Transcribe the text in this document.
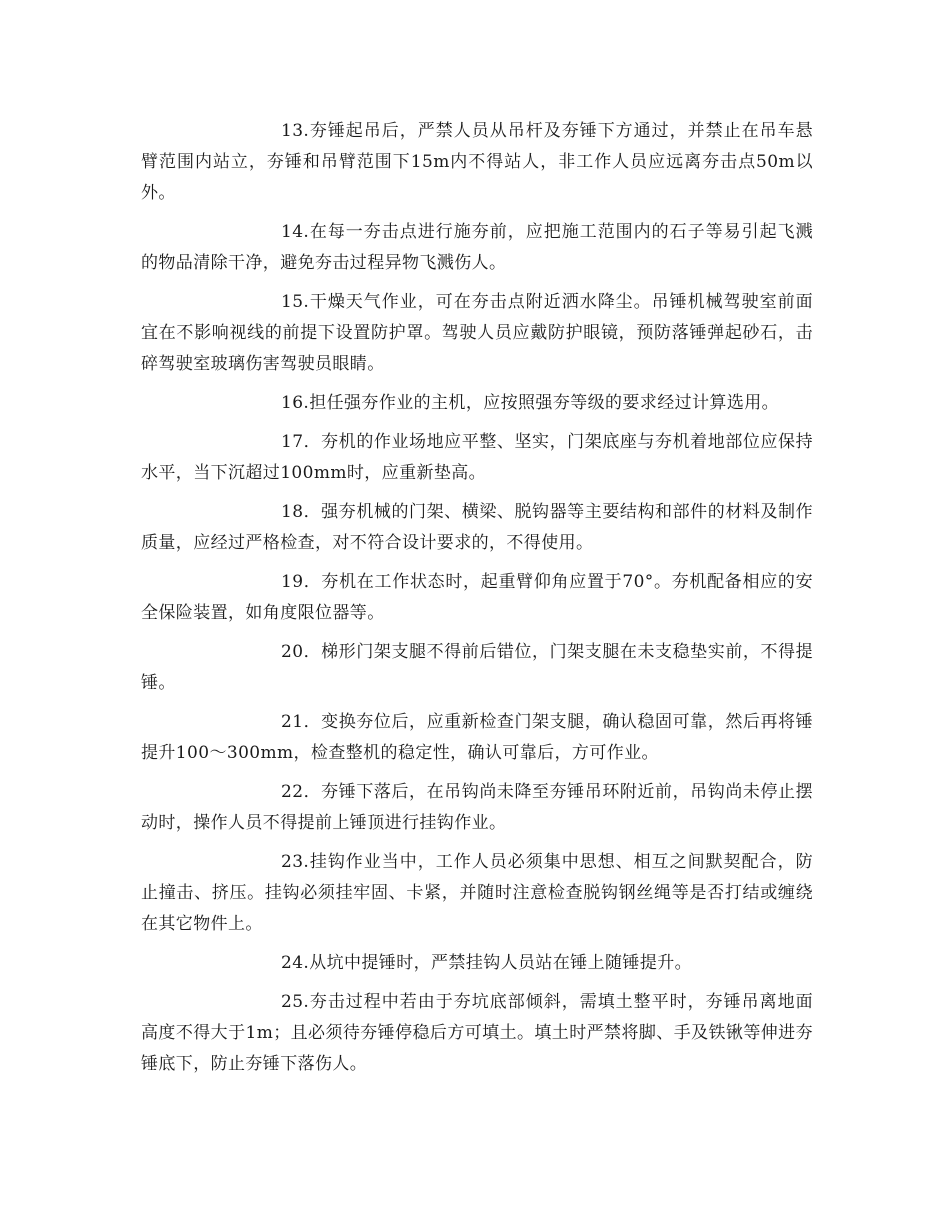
13.夯锤起吊后，严禁人员从吊杆及夯锤下方通过，并禁止在吊车悬臂范围内站立，夯锤和吊臂范围下15m内不得站人，非工作人员应远离夯击点50m以外。

14.在每一夯击点进行施夯前，应把施工范围内的石子等易引起飞溅的物品清除干净，避免夯击过程异物飞溅伤人。

15.干燥天气作业，可在夯击点附近洒水降尘。吊锤机械驾驶室前面宜在不影响视线的前提下设置防护罩。驾驶人员应戴防护眼镜，预防落锤弹起砂石，击碎驾驶室玻璃伤害驾驶员眼睛。

16.担任强夯作业的主机，应按照强夯等级的要求经过计算选用。

17．夯机的作业场地应平整、坚实，门架底座与夯机着地部位应保持水平，当下沉超过100mm时，应重新垫高。

18．强夯机械的门架、横梁、脱钩器等主要结构和部件的材料及制作质量，应经过严格检查，对不符合设计要求的，不得使用。

19．夯机在工作状态时，起重臂仰角应置于70°。夯机配备相应的安全保险装置，如角度限位器等。

20．梯形门架支腿不得前后错位，门架支腿在未支稳垫实前，不得提锤。

21．变换夯位后，应重新检查门架支腿，确认稳固可靠，然后再将锤提升100～300mm，检查整机的稳定性，确认可靠后，方可作业。

22．夯锤下落后，在吊钩尚未降至夯锤吊环附近前，吊钩尚未停止摆动时，操作人员不得提前上锤顶进行挂钩作业。

23.挂钩作业当中，工作人员必须集中思想、相互之间默契配合，防止撞击、挤压。挂钩必须挂牢固、卡紧，并随时注意检查脱钩钢丝绳等是否打结或缠绕在其它物件上。

24.从坑中提锤时，严禁挂钩人员站在锤上随锤提升。

25.夯击过程中若由于夯坑底部倾斜，需填土整平时，夯锤吊离地面高度不得大于1m；且必须待夯锤停稳后方可填土。填土时严禁将脚、手及铁锹等伸进夯锤底下，防止夯锤下落伤人。
